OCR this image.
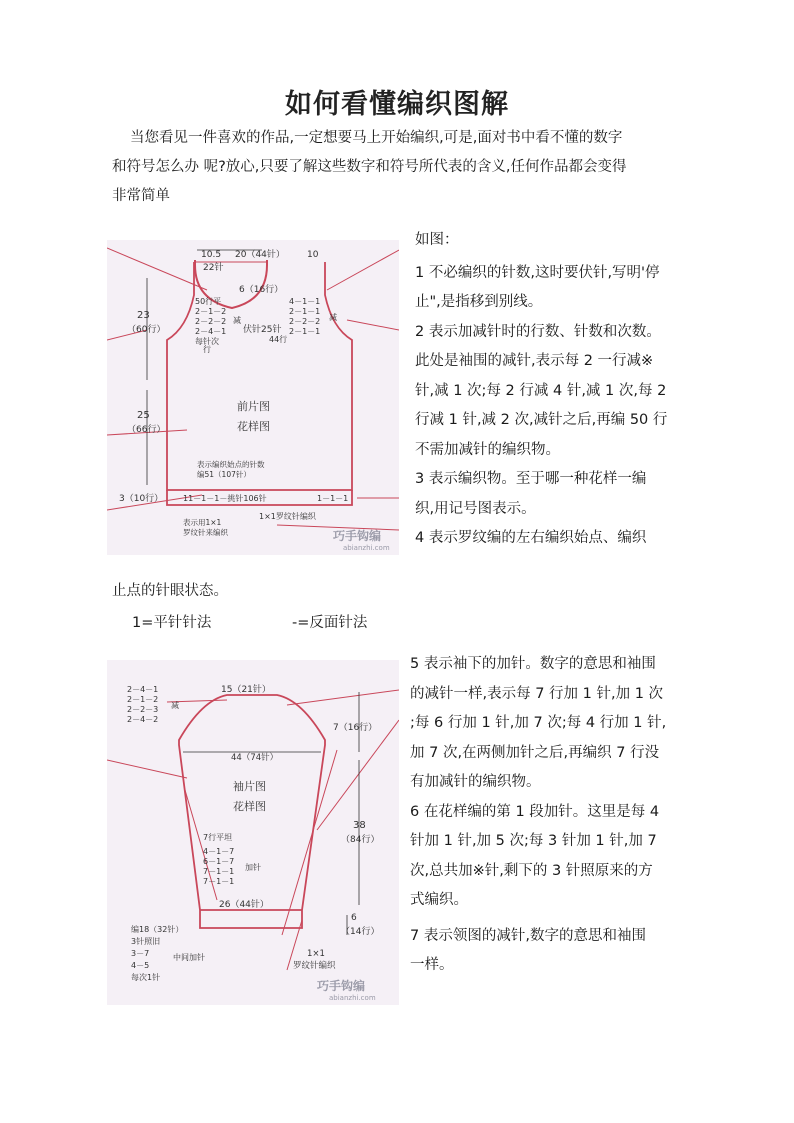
如何看懂编织图解
当您看见一件喜欢的作品,一定想要马上开始编织,可是,面对书中看不懂的数字
和符号怎么办 呢?放心,只要了解这些数字和符号所代表的含义,任何作品都会变得
非常简单
10.5
22针
20（44针） 10
6（16行）
50行平
2－1－2
2－2－2
2－4－1
每针次
行
减
4－1－1
2－1－1
2－2－2
2－1－1
减
伏针25针
44行
23
（60行）
25
（66行）
前片图
花样图
表示编织始点的针数
编51（107针）
3（10行） 11－1－1－挑针106针	1－1－1
1×1罗纹针编织
表示用1×1
罗纹针来编织	巧手钩编
abianzhi.com

如图：

1 不必编织的针数,这时要伏针,写明'停

止",是指移到别线。

2 表示加减针时的行数、针数和次数。

此处是袖围的减针,表示每 2 一行减※

针,减 1 次;每 2 行减 4 针,减 1 次,每 2

行减 1 针,减 2 次,减针之后,再编 50 行

不需加减针的编织物。

3 表示编织物。至于哪一种花样一编

织,用记号图表示。

4 表示罗纹编的左右编织始点、编织

止点的针眼状态。
1=平针针法	-=反面针法
2－4－1
2－1－2
2－2－3
2－4－2
减
15（21针）
7（16行）
44（74针）
袖片图
花样图
38
（84行）
7行平坦
4－1－7
6－1－7
7－1－1
7－1－1
加针
26（44针）
6
（14行）
编18（32针）
3针照旧
3－7
4－5
每次1针
中间加针	1×1
罗纹针编织
巧手钩编
abianzhi.com

5 表示袖下的加针。数字的意思和袖围

的减针一样,表示每 7 行加 1 针,加 1 次

;每 6 行加 1 针,加 7 次;每 4 行加 1 针,

加 7 次,在两侧加针之后,再编织 7 行没

有加减针的编织物。

6 在花样编的第 1 段加针。这里是每 4

针加 1 针,加 5 次;每 3 针加 1 针,加 7

次,总共加※针,剩下的 3 针照原来的方

式编织。

7 表示领图的减针,数字的意思和袖围

一样。
